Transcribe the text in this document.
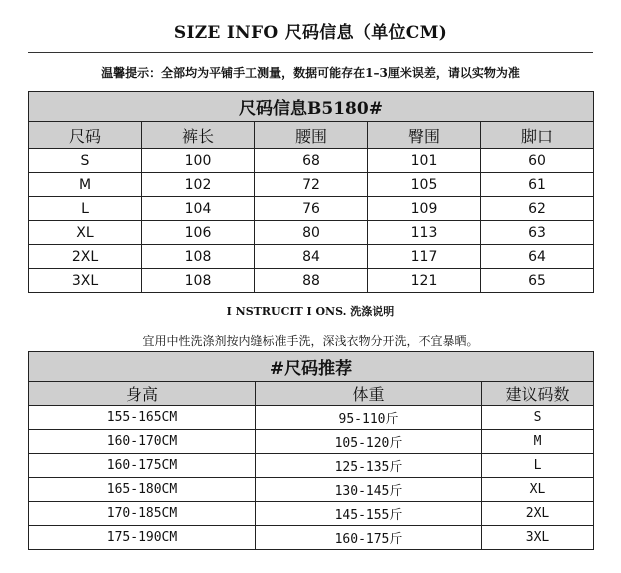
SIZE INFO 尺码信息（单位CM)
温馨提示：全部均为平铺手工测量，数据可能存在1–3厘米误差，请以实物为准
尺码信息B5180#				
尺码	裤长	腰围	臀围	脚口
S	100	68	101	60
M	102	72	105	61
L	104	76	109	62
XL	106	80	113	63
2XL	108	84	117	64
3XL	108	88	121	65
I NSTRUCIT I ONS. 洗涤说明
宜用中性洗涤剂按内缝标准手洗，深浅衣物分开洗，不宜暴晒。
#尺码推荐		
身高	体重	建议码数
155-165CM	95-110斤	S
160-170CM	105-120斤	M
160-175CM	125-135斤	L
165-180CM	130-145斤	XL
170-185CM	145-155斤	2XL
175-190CM	160-175斤	3XL
